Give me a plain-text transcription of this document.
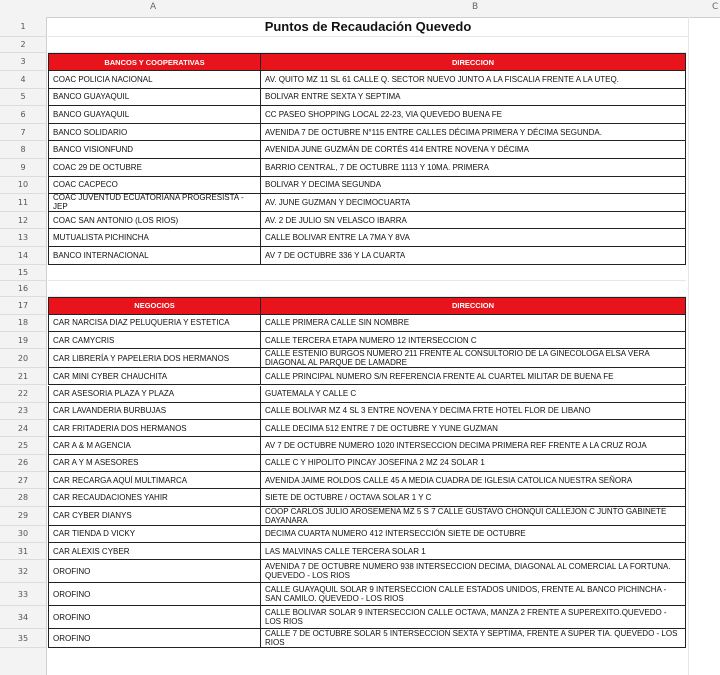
A	B	C
1	Puntos de Recaudación Quevedo
2
3	BANCOS Y COOPERATIVAS	DIRECCION
4	COAC POLICIA NACIONAL	AV. QUITO MZ 11 SL 61 CALLE Q. SECTOR NUEVO JUNTO A LA FISCALIA FRENTE A LA UTEQ.
5	BANCO GUAYAQUIL	BOLIVAR ENTRE SEXTA Y SEPTIMA
6	BANCO GUAYAQUIL	CC PASEO SHOPPING LOCAL 22-23, VIA QUEVEDO BUENA FE
7	BANCO SOLIDARIO	AVENIDA 7 DE OCTUBRE N°115 ENTRE CALLES DÉCIMA PRIMERA Y DÉCIMA SEGUNDA.
8	BANCO VISIONFUND	AVENIDA JUNE GUZMÁN DE CORTÉS 414 ENTRE NOVENA Y DÉCIMA
9	COAC 29 DE OCTUBRE	BARRIO CENTRAL, 7 DE OCTUBRE 1113 Y 10MA. PRIMERA
10	COAC CACPECO	BOLIVAR Y DECIMA SEGUNDA
11	COAC JUVENTUD ECUATORIANA PROGRESISTA - JEP	AV. JUNE GUZMAN Y DECIMOCUARTA
12	COAC SAN ANTONIO (LOS RIOS)	AV. 2 DE JULIO SN VELASCO IBARRA
13	MUTUALISTA PICHINCHA	CALLE BOLIVAR ENTRE LA 7MA Y 8VA
14	BANCO INTERNACIONAL	AV 7 DE OCTUBRE 336 Y LA CUARTA
15
16
17	NEGOCIOS	DIRECCION
18	CAR NARCISA DIAZ PELUQUERIA Y ESTETICA	CALLE PRIMERA CALLE SIN NOMBRE
19	CAR CAMYCRIS	CALLE TERCERA ETAPA NUMERO 12 INTERSECCION C
20	CAR LIBRERÍA Y PAPELERIA DOS HERMANOS	CALLE ESTENIO BURGOS NUMERO 211 FRENTE AL CONSULTORIO DE LA GINECOLOGA ELSA VERA DIAGONAL AL PARQUE DE LAMADRE
21	CAR MINI CYBER CHAUCHITA	CALLE PRINCIPAL NUMERO S/N REFERENCIA FRENTE AL CUARTEL MILITAR DE BUENA FE
22	CAR ASESORIA PLAZA Y PLAZA	GUATEMALA Y CALLE C
23	CAR LAVANDERIA BURBUJAS	CALLE BOLIVAR MZ 4 SL 3 ENTRE NOVENA Y DECIMA FRTE HOTEL FLOR DE LIBANO
24	CAR FRITADERIA DOS HERMANOS	CALLE DECIMA 512 ENTRE 7 DE OCTUBRE Y YUNE GUZMAN
25	CAR A & M AGENCIA	AV 7 DE OCTUBRE NUMERO 1020 INTERSECCION DECIMA PRIMERA REF FRENTE A LA CRUZ ROJA
26	CAR A Y M ASESORES	CALLE C Y HIPOLITO PINCAY JOSEFINA 2 MZ 24 SOLAR 1
27	CAR RECARGA AQUÍ MULTIMARCA	AVENIDA JAIME ROLDOS CALLE 45 A MEDIA CUADRA DE IGLESIA CATOLICA NUESTRA SEÑORA
28	CAR RECAUDACIONES YAHIR	SIETE DE OCTUBRE / OCTAVA SOLAR 1 Y C
29	CAR CYBER DIANYS	COOP CARLOS JULIO AROSEMENA MZ 5 S 7 CALLE GUSTAVO CHONQUI CALLEJON C JUNTO GABINETE DAYANARA
30	CAR TIENDA D VICKY	DECIMA CUARTA NUMERO 412 INTERSECCIÓN SIETE DE OCTUBRE
31	CAR ALEXIS CYBER	LAS MALVINAS CALLE TERCERA SOLAR 1
32	OROFINO	AVENIDA 7 DE OCTUBRE NUMERO 938 INTERSECCION DECIMA, DIAGONAL AL COMERCIAL LA FORTUNA. QUEVEDO - LOS RIOS
33	OROFINO	CALLE GUAYAQUIL SOLAR 9 INTERSECCION CALLE ESTADOS UNIDOS, FRENTE AL BANCO PICHINCHA - SAN CAMILO. QUEVEDO - LOS RIOS
34	OROFINO	CALLE BOLIVAR SOLAR 9 INTERSECCION CALLE OCTAVA, MANZA 2 FRENTE A SUPEREXITO.QUEVEDO - LOS RIOS
35	OROFINO	CALLE 7 DE OCTUBRE SOLAR 5 INTERSECCION SEXTA Y SEPTIMA, FRENTE A SUPER TIA. QUEVEDO - LOS RIOS
